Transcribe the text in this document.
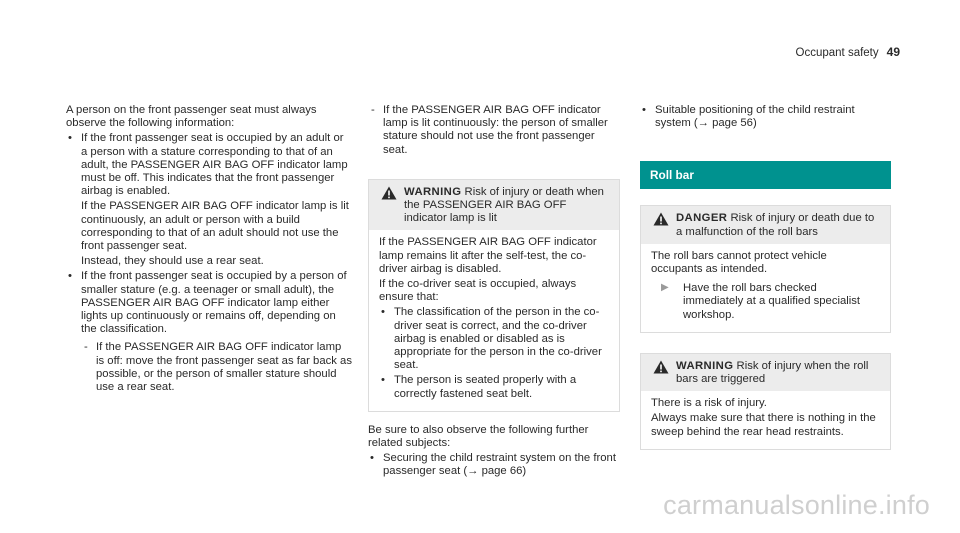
Occupant safety 49

A person on the front passenger seat must always observe the following information:

• If the front passenger seat is occupied by an adult or a person with a stature corresponding to that of an adult, the PASSENGER AIR BAG OFF indicator lamp must be off. This indicates that the front passenger airbag is enabled.

If the PASSENGER AIR BAG OFF indicator lamp is lit continuously, an adult or person with a build corresponding to that of an adult should not use the front passenger seat.

Instead, they should use a rear seat.

• If the front passenger seat is occupied by a person of smaller stature (e.g. a teenager or small adult), the PASSENGER AIR BAG OFF indicator lamp either lights up continuously or remains off, depending on the classification.

- If the PASSENGER AIR BAG OFF indicator lamp is off: move the front passenger seat as far back as possible, or the person of smaller stature should use a rear seat.

- If the PASSENGER AIR BAG OFF indicator lamp is lit continuously: the person of smaller stature should not use the front passenger seat.

WARNING Risk of injury or death when the PASSENGER AIR BAG OFF indicator lamp is lit

If the PASSENGER AIR BAG OFF indicator lamp remains lit after the self-test, the co-driver airbag is disabled.

If the co-driver seat is occupied, always ensure that:

• The classification of the person in the co-driver seat is correct, and the co-driver airbag is enabled or disabled as is appropriate for the person in the co-driver seat.

• The person is seated properly with a correctly fastened seat belt.

Be sure to also observe the following further related subjects:

• Securing the child restraint system on the front passenger seat (→ page 66)

• Suitable positioning of the child restraint system (→ page 56)

Roll bar
DANGER Risk of injury or death due to a malfunction of the roll bars

The roll bars cannot protect vehicle occupants as intended.

▶ Have the roll bars checked immediately at a qualified specialist workshop.

WARNING Risk of injury when the roll bars are triggered

There is a risk of injury.

Always make sure that there is nothing in the sweep behind the rear head restraints.

carmanualsonline.info
